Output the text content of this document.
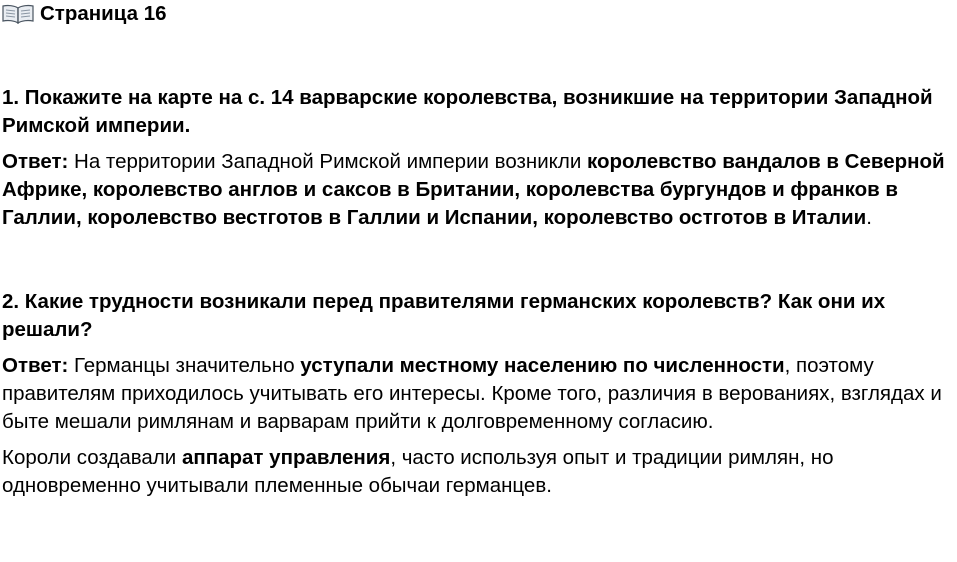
Страница 16

1. Покажите на карте на с. 14 варварские королевства, возникшие на территории Западной Римской империи.

Ответ: На территории Западной Римской империи возникли королевство вандалов в Северной Африке, королевство англов и саксов в Британии, королевства бургундов и франков в Галлии, королевство вестготов в Галлии и Испании, королевство остготов в Италии.

2. Какие трудности возникали перед правителями германских королевств? Как они их решали?

Ответ: Германцы значительно уступали местному населению по численности, поэтому правителям приходилось учитывать его интересы. Кроме того, различия в верованиях, взглядах и быте мешали римлянам и варварам прийти к долговременному согласию.

Короли создавали аппарат управления, часто используя опыт и традиции римлян, но одновременно учитывали племенные обычаи германцев.
